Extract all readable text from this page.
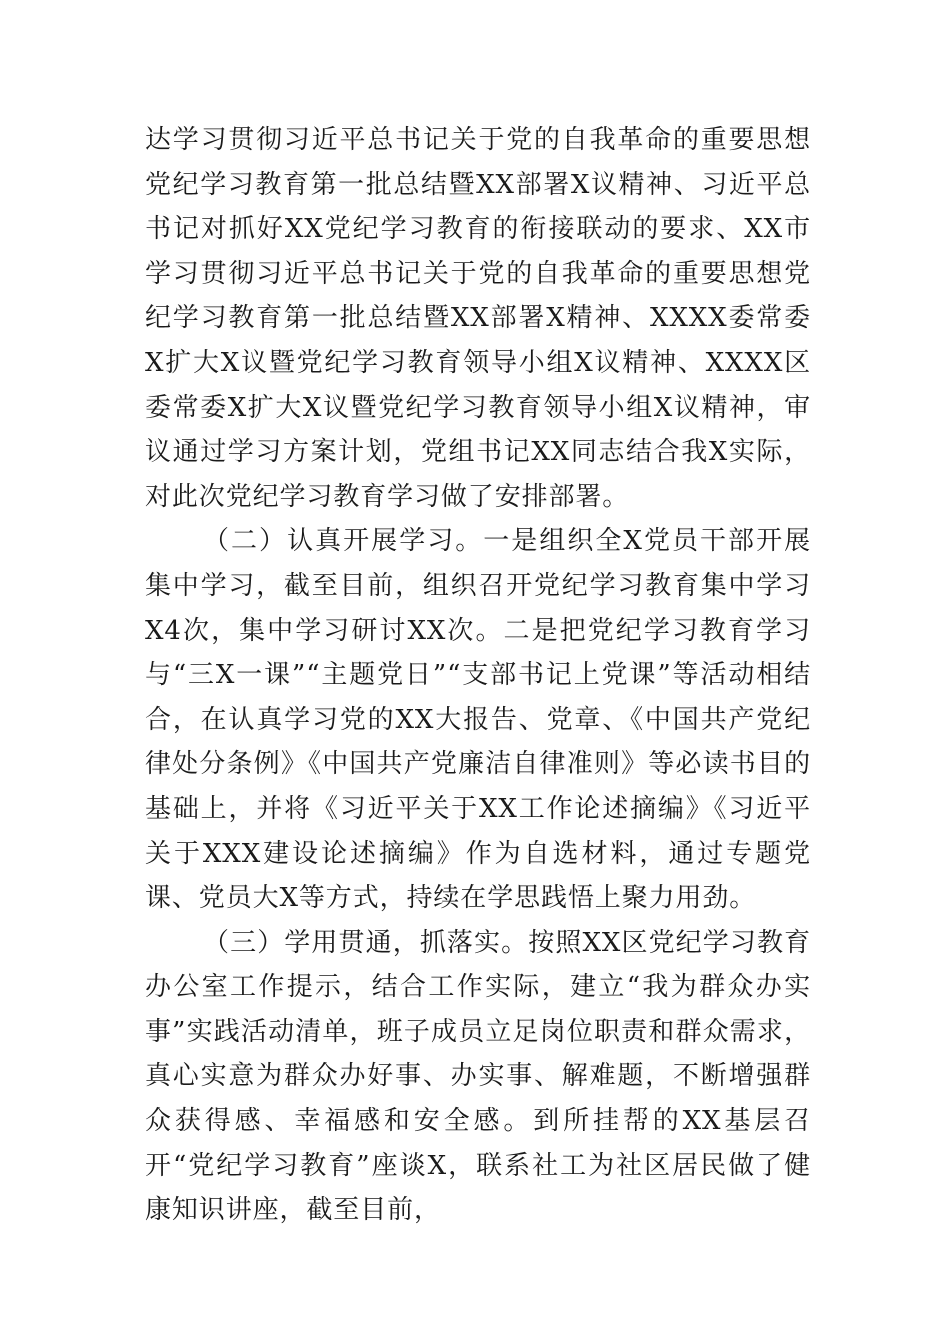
达学习贯彻习近平总书记关于党的自我革命的重要思想党纪学习教育第一批总结暨XX部署X议精神、习近平总书记对抓好XX党纪学习教育的衔接联动的要求、XX市学习贯彻习近平总书记关于党的自我革命的重要思想党纪学习教育第一批总结暨XX部署X精神、XXXX委常委X扩大X议暨党纪学习教育领导小组X议精神、XXXX区委常委X扩大X议暨党纪学习教育领导小组X议精神，审议通过学习方案计划，党组书记XX同志结合我X实际，对此次党纪学习教育学习做了安排部署。

（二）认真开展学习。一是组织全X党员干部开展集中学习，截至目前，组织召开党纪学习教育集中学习X4次，集中学习研讨XX次。二是把党纪学习教育学习与“三X一课”“主题党日”“支部书记上党课”等活动相结合，在认真学习党的XX大报告、党章、《中国共产党纪律处分条例》《中国共产党廉洁自律准则》等必读书目的基础上，并将《习近平关于XX工作论述摘编》《习近平关于XXX建设论述摘编》作为自选材料，通过专题党课、党员大X等方式，持续在学思践悟上聚力用劲。

（三）学用贯通，抓落实。按照XX区党纪学习教育办公室工作提示，结合工作实际，建立“我为群众办实事”实践活动清单，班子成员立足岗位职责和群众需求，真心实意为群众办好事、办实事、解难题，不断增强群众获得感、幸福感和安全感。到所挂帮的XX基层召开“党纪学习教育”座谈X，联系社工为社区居民做了健康知识讲座，截至目前，
